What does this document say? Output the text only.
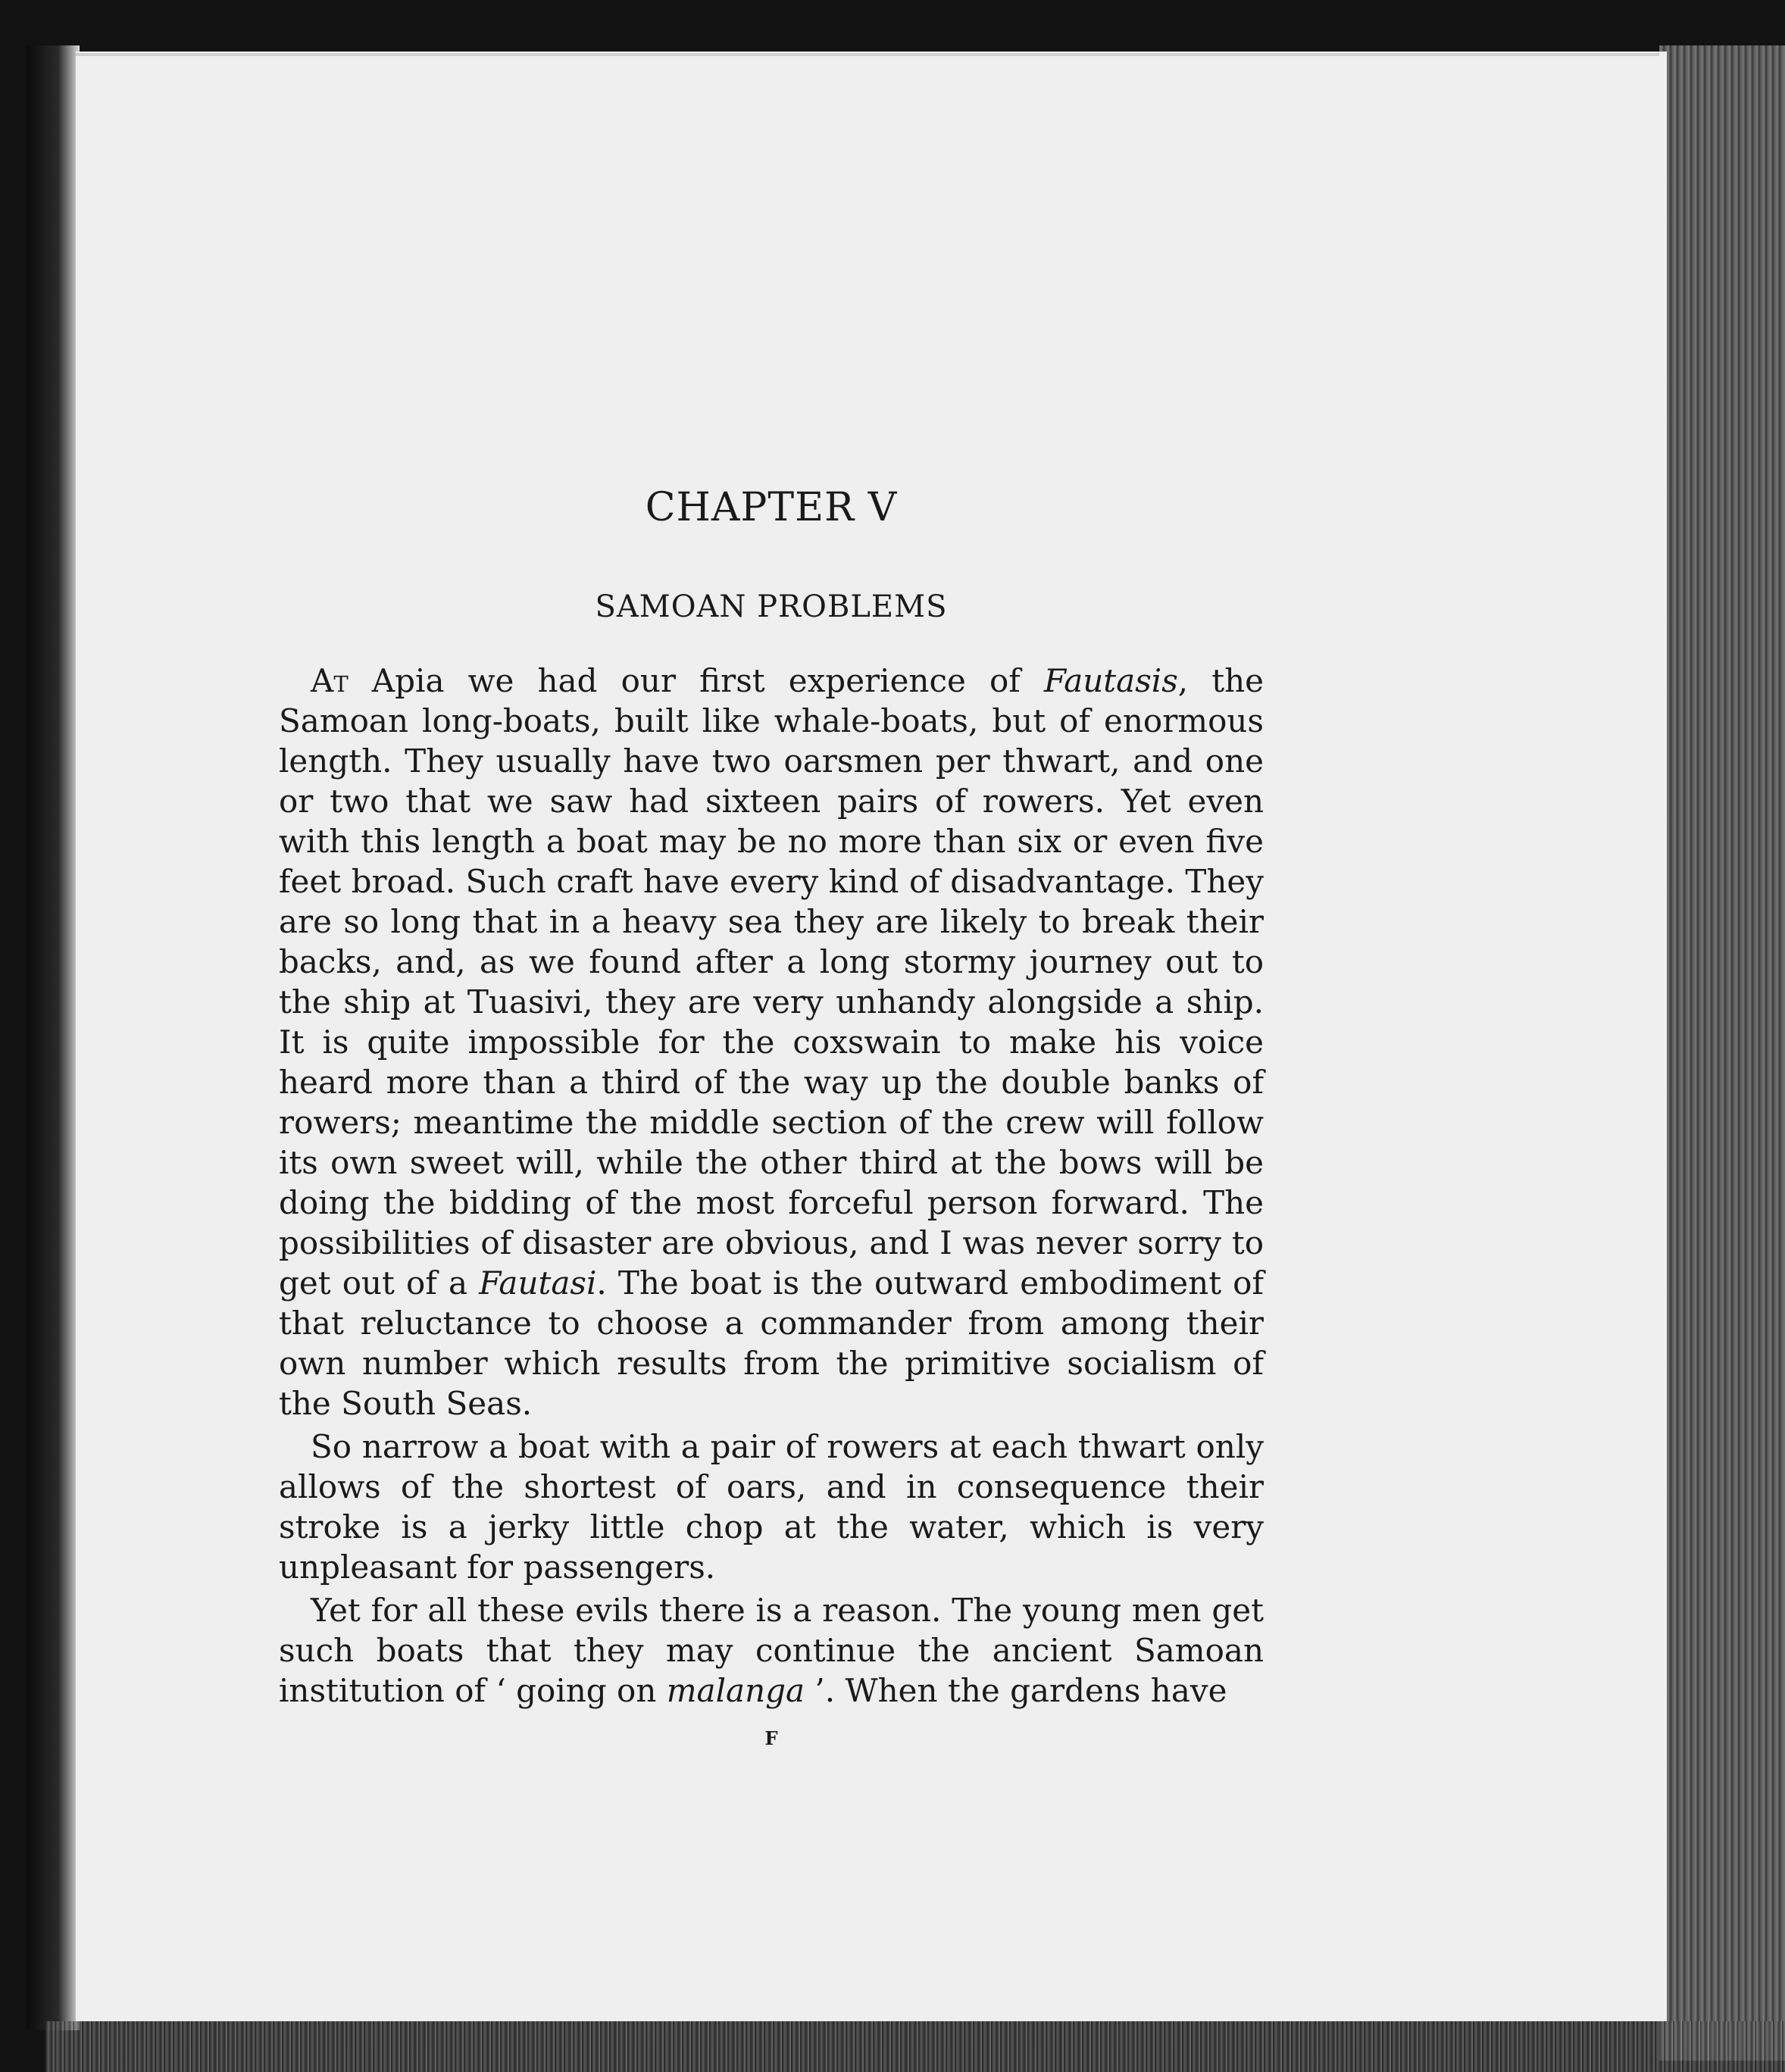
CHAPTER V
SAMOAN PROBLEMS

At Apia we had our first experience of Fautasis, the Samoan long-boats, built like whale-boats, but of enormous length. They usually have two oarsmen per thwart, and one or two that we saw had sixteen pairs of rowers. Yet even with this length a boat may be no more than six or even five feet broad. Such craft have every kind of disadvantage. They are so long that in a heavy sea they are likely to break their backs, and, as we found after a long stormy journey out to the ship at Tuasivi, they are very unhandy alongside a ship. It is quite impossible for the coxswain to make his voice heard more than a third of the way up the double banks of rowers; meantime the middle section of the crew will follow its own sweet will, while the other third at the bows will be doing the bidding of the most forceful person forward. The possibilities of disaster are obvious, and I was never sorry to get out of a Fautasi. The boat is the outward embodiment of that reluctance to choose a commander from among their own number which results from the primitive socialism of the South Seas.

So narrow a boat with a pair of rowers at each thwart only allows of the shortest of oars, and in consequence their stroke is a jerky little chop at the water, which is very unpleasant for passengers.

Yet for all these evils there is a reason. The young men get such boats that they may continue the ancient Samoan institution of ‘ going on malanga ’. When the gardens have

F
